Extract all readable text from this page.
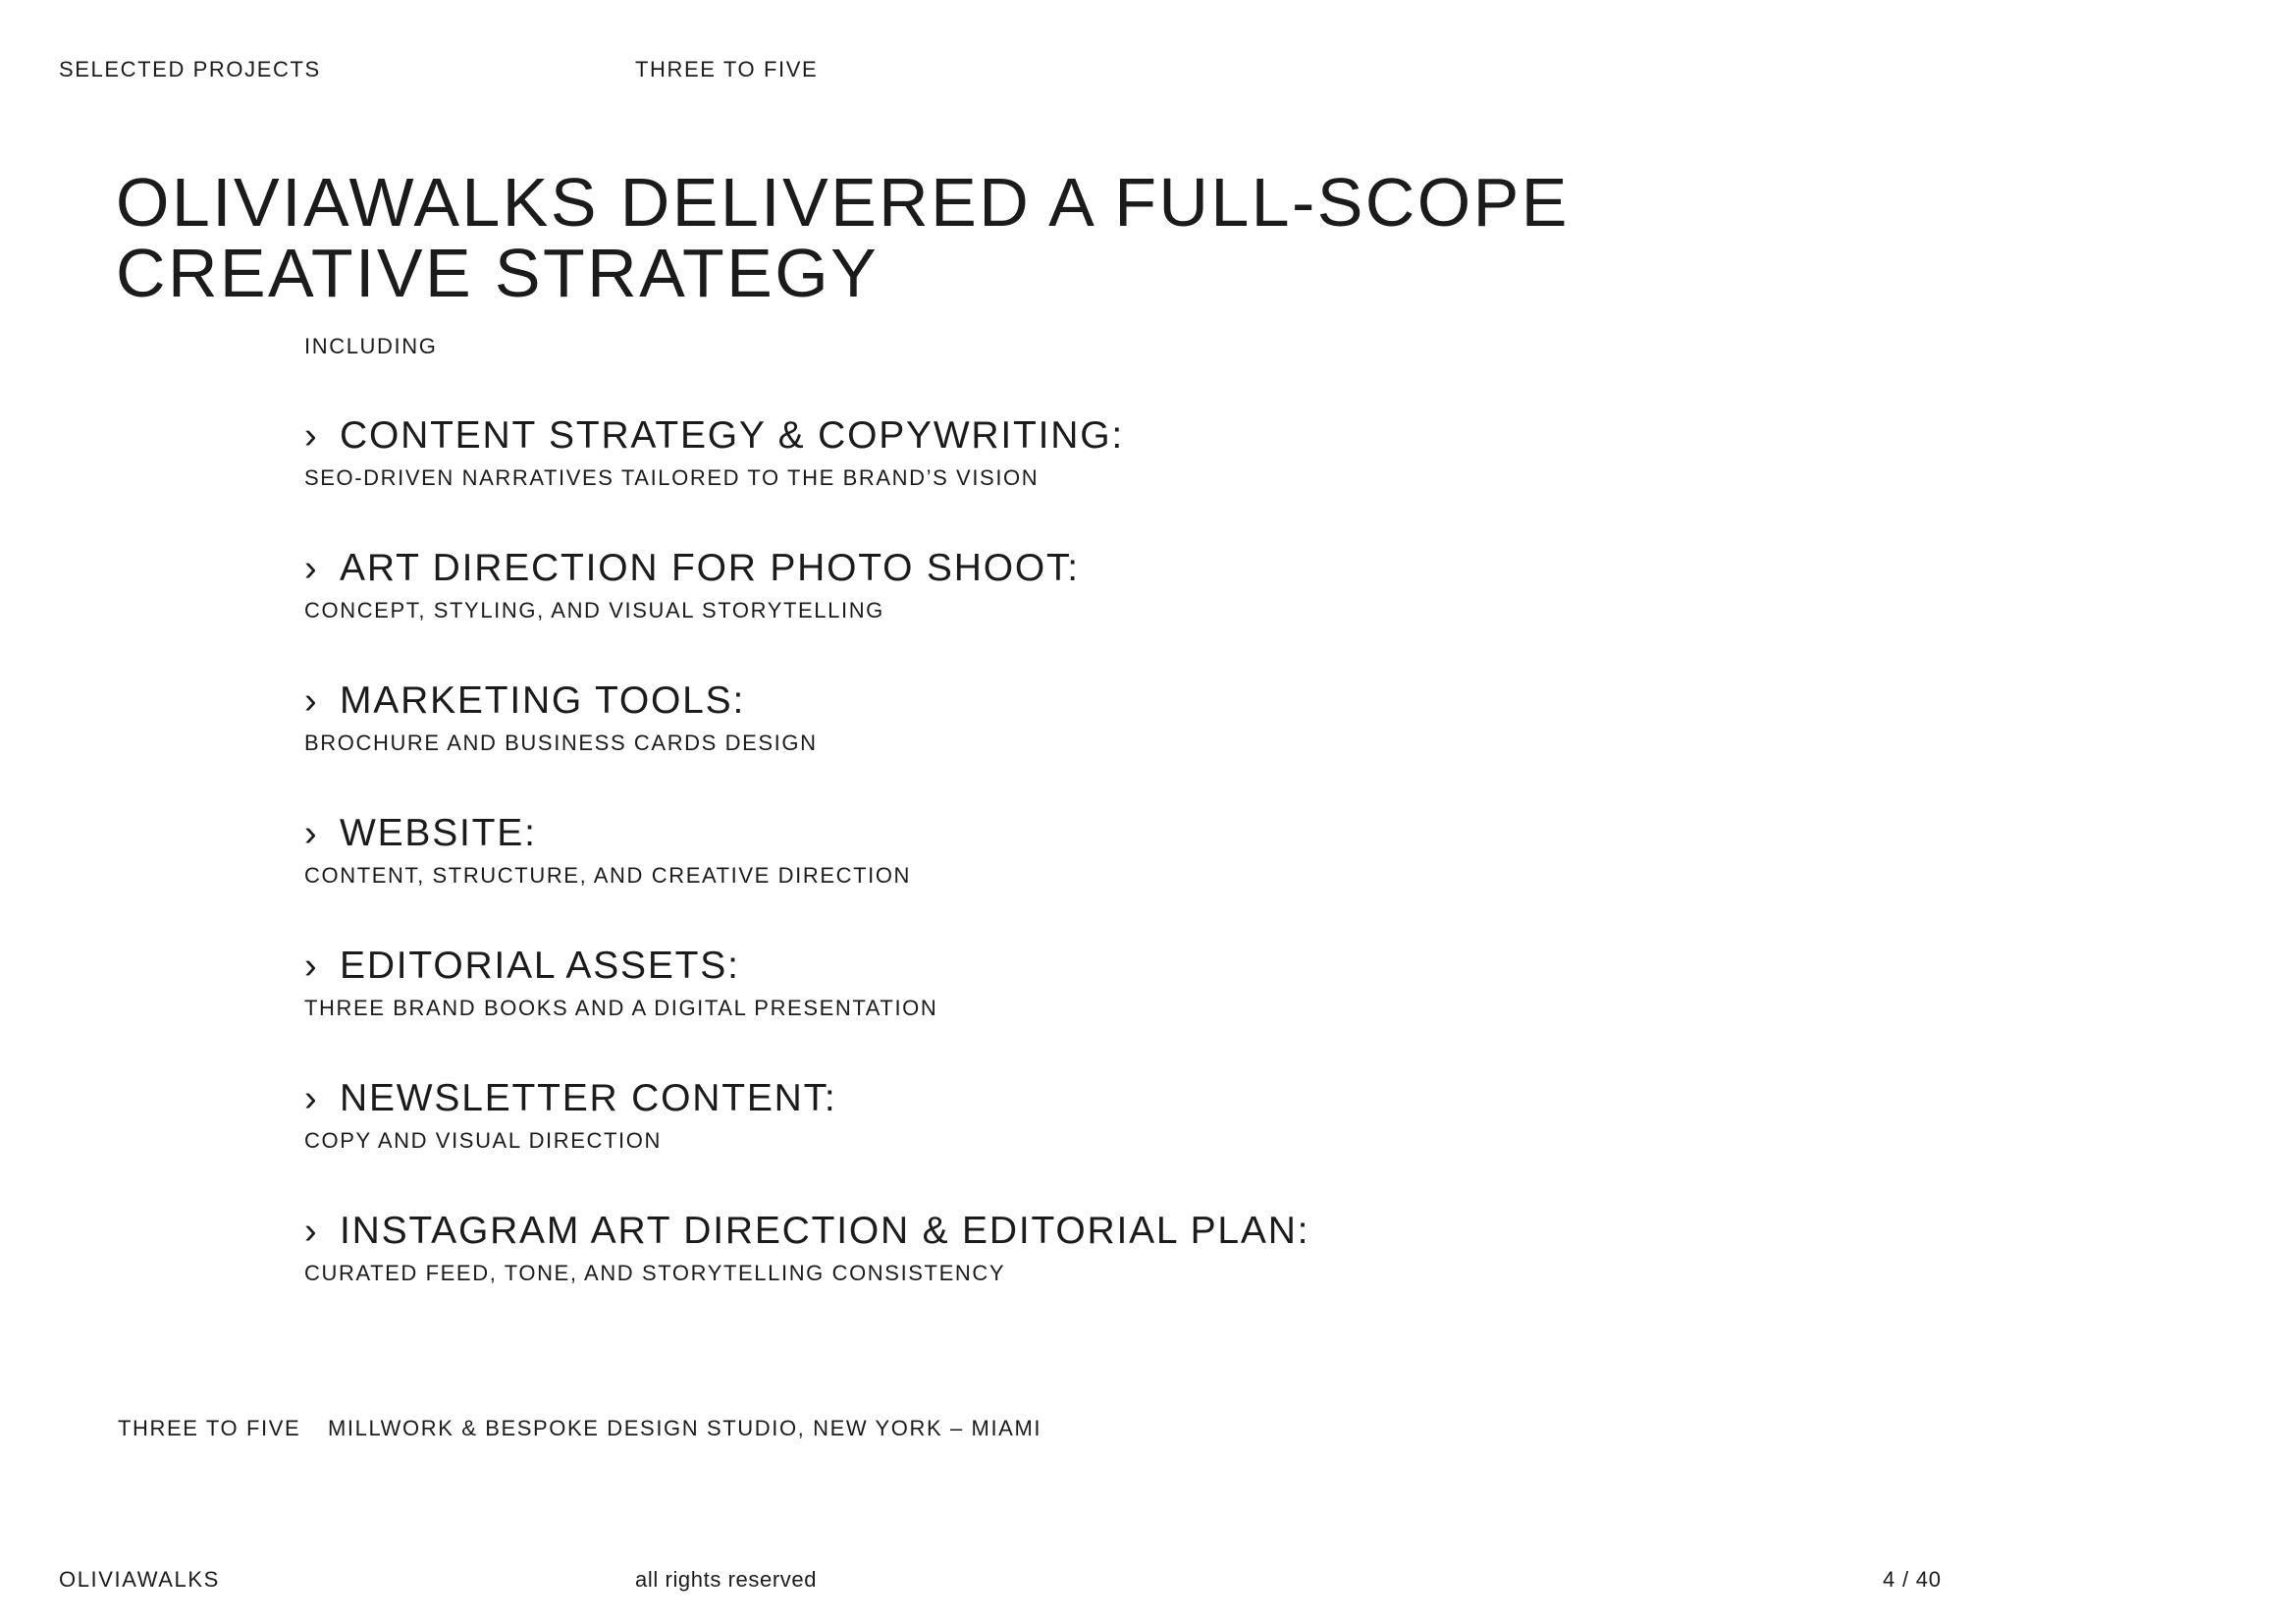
SELECTED PROJECTS	THREE TO FIVE
OLIVIAWALKS DELIVERED A FULL-SCOPE
CREATIVE STRATEGY
INCLUDING
› CONTENT STRATEGY & COPYWRITING:
SEO-DRIVEN NARRATIVES TAILORED TO THE BRAND’S VISION
› ART DIRECTION FOR PHOTO SHOOT:
CONCEPT, STYLING, AND VISUAL STORYTELLING
› MARKETING TOOLS:
BROCHURE AND BUSINESS CARDS DESIGN
› WEBSITE:
CONTENT, STRUCTURE, AND CREATIVE DIRECTION
› EDITORIAL ASSETS:
THREE BRAND BOOKS AND A DIGITAL PRESENTATION
› NEWSLETTER CONTENT:
COPY AND VISUAL DIRECTION
› INSTAGRAM ART DIRECTION & EDITORIAL PLAN:
CURATED FEED, TONE, AND STORYTELLING CONSISTENCY
THREE TO FIVE MILLWORK & BESPOKE DESIGN STUDIO, NEW YORK – MIAMI
OLIVIAWALKS	all rights reserved	4 / 40
